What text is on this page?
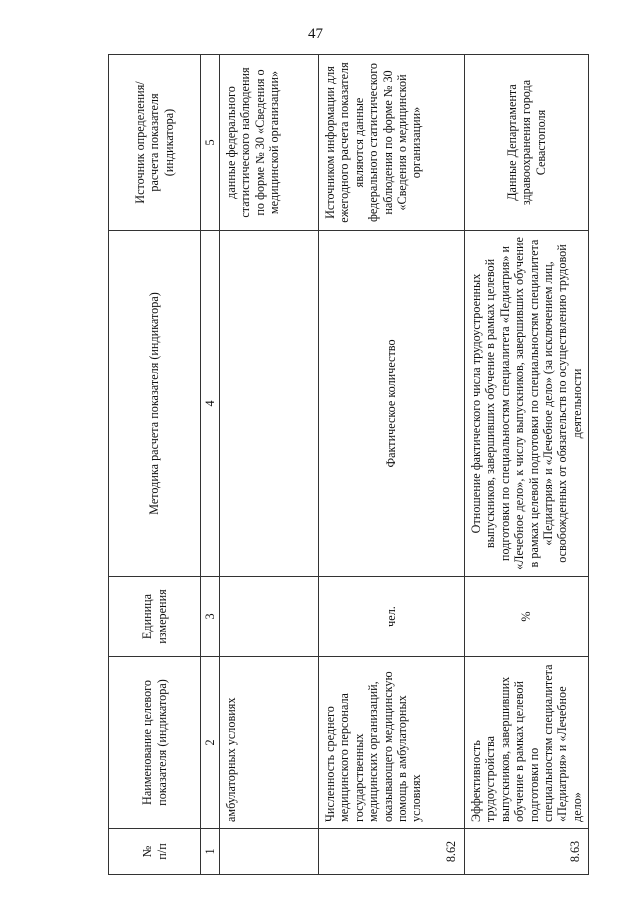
47
№
п/п	Наименование целевого показателя (индикатора)	Единица измерения	Методика расчета показателя (индикатора)	Источник определения/ расчета показателя (индикатора)
1	2	3	4	5
	амбулаторных условиях			данные федерального статистического наблюдения по форме № 30 «Сведения о медицинской организации»
8.62	Численность среднего медицинского персонала государственных медицинских организаций, оказывающего медицинскую помощь в амбулаторных условиях	чел.	Фактическое количество	Источником информации для ежегодного расчета показателя являются данные федерального статистического наблюдения по форме № 30 «Сведения о медицинской организации»
8.63	Эффективность трудоустройства выпускников, завершивших обучение в рамках целевой подготовки по специальностям специалитета «Педиатрия» и «Лечебное дело»	%	Отношение фактического числа трудоустроенных выпускников, завершивших обучение в рамках целевой подготовки по специальностям специалитета «Педиатрия» и «Лечебное дело», к числу выпускников, завершивших обучение в рамках целевой подготовки по специальностям специалитета «Педиатрия» и «Лечебное дело» (за исключением лиц, освобожденных от обязательств по осуществлению трудовой деятельности	Данные Департамента здравоохранения города Севастополя
